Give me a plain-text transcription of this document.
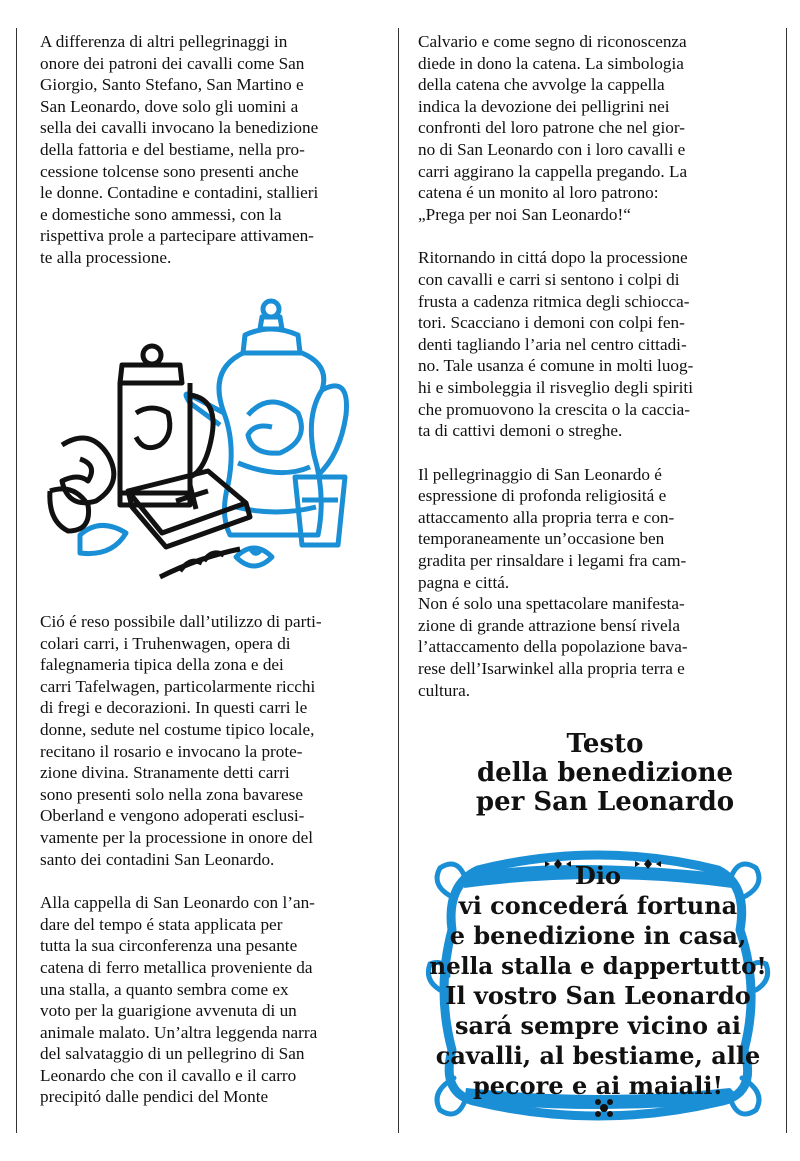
A differenza di altri pellegrinaggi in
onore dei patroni dei cavalli come San
Giorgio, Santo Stefano, San Martino e
San Leonardo, dove solo gli uomini a
sella dei cavalli invocano la benedizione
della fattoria e del bestiame, nella pro-
cessione tolcense sono presenti anche
le donne. Contadine e contadini, stallieri
e domestiche sono ammessi, con la
rispettiva prole a partecipare attivamen-
te alla processione.

Ció é reso possibile dall’utilizzo di parti-
colari carri, i Truhenwagen, opera di
falegnameria tipica della zona e dei
carri Tafelwagen, particolarmente ricchi
di fregi e decorazioni. In questi carri le
donne, sedute nel costume tipico locale,
recitano il rosario e invocano la prote-
zione divina. Stranamente detti carri
sono presenti solo nella zona bavarese
Oberland e vengono adoperati esclusi-
vamente per la processione in onore del
santo dei contadini San Leonardo.

Alla cappella di San Leonardo con l’an-
dare del tempo é stata applicata per
tutta la sua circonferenza una pesante
catena di ferro metallica proveniente da
una stalla, a quanto sembra come ex
voto per la guarigione avvenuta di un
animale malato. Un’altra leggenda narra
del salvataggio di un pellegrino di San
Leonardo che con il cavallo e il carro
precipitó dalle pendici del Monte

Calvario e come segno di riconoscenza
diede in dono la catena. La simbologia
della catena che avvolge la cappella
indica la devozione dei pelligrini nei
confronti del loro patrone che nel gior-
no di San Leonardo con i loro cavalli e
carri aggirano la cappella pregando. La
catena é un monito al loro patrono:
„Prega per noi San Leonardo!“

Ritornando in cittá dopo la processione
con cavalli e carri si sentono i colpi di
frusta a cadenza ritmica degli schiocca-
tori. Scacciano i demoni con colpi fen-
denti tagliando l’aria nel centro cittadi-
no. Tale usanza é comune in molti luog-
hi e simboleggia il risveglio degli spiriti
che promuovono la crescita o la caccia-
ta di cattivi demoni o streghe.

Il pellegrinaggio di San Leonardo é
espressione di profonda religiositá e
attaccamento alla propria terra e con-
temporaneamente un’occasione ben
gradita per rinsaldare i legami fra cam-
pagna e cittá.
Non é solo una spettacolare manifesta-
zione di grande attrazione bensí rivela
l’attaccamento della popolazione bava-
rese dell’Isarwinkel alla propria terra e
cultura.

Testo
della benedizione
per San Leonardo
Dio
vi concederá fortuna
e benedizione in casa,
nella stalla e dappertutto!
Il vostro San Leonardo
sará sempre vicino ai
cavalli, al bestiame, alle
pecore e ai maiali!
